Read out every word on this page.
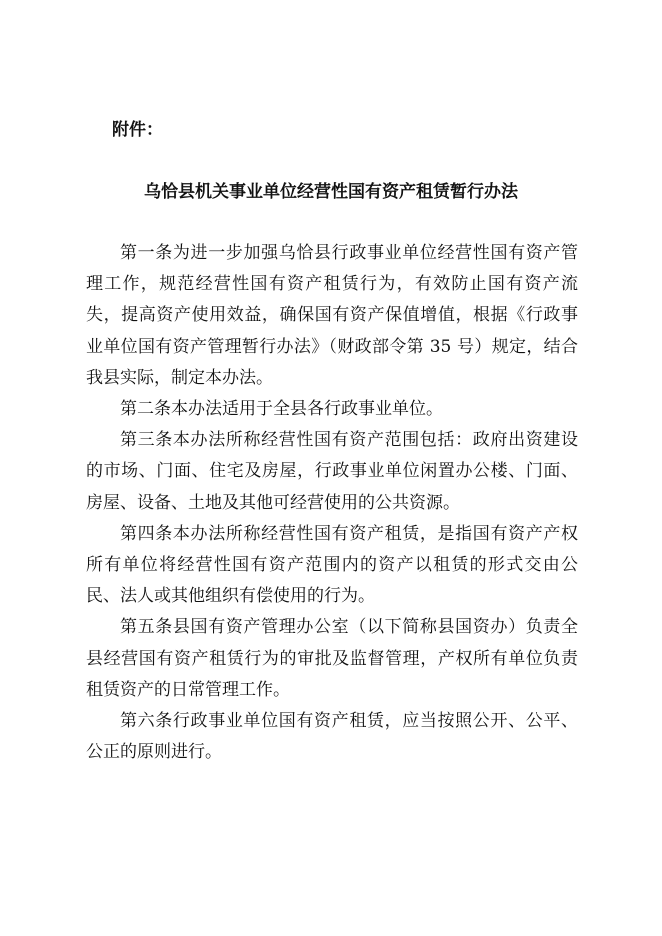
附件：
乌恰县机关事业单位经营性国有资产租赁暂行办法

第一条为进一步加强乌恰县行政事业单位经营性国有资产管理工作，规范经营性国有资产租赁行为，有效防止国有资产流失，提高资产使用效益，确保国有资产保值增值，根据《行政事业单位国有资产管理暂行办法》（财政部令第 35 号）规定，结合我县实际，制定本办法。

第二条本办法适用于全县各行政事业单位。

第三条本办法所称经营性国有资产范围包括：政府出资建设的市场、门面、住宅及房屋，行政事业单位闲置办公楼、门面、房屋、设备、土地及其他可经营使用的公共资源。

第四条本办法所称经营性国有资产租赁，是指国有资产产权所有单位将经营性国有资产范围内的资产以租赁的形式交由公民、法人或其他组织有偿使用的行为。

第五条县国有资产管理办公室（以下简称县国资办）负责全县经营国有资产租赁行为的审批及监督管理，产权所有单位负责租赁资产的日常管理工作。

第六条行政事业单位国有资产租赁，应当按照公开、公平、公正的原则进行。
